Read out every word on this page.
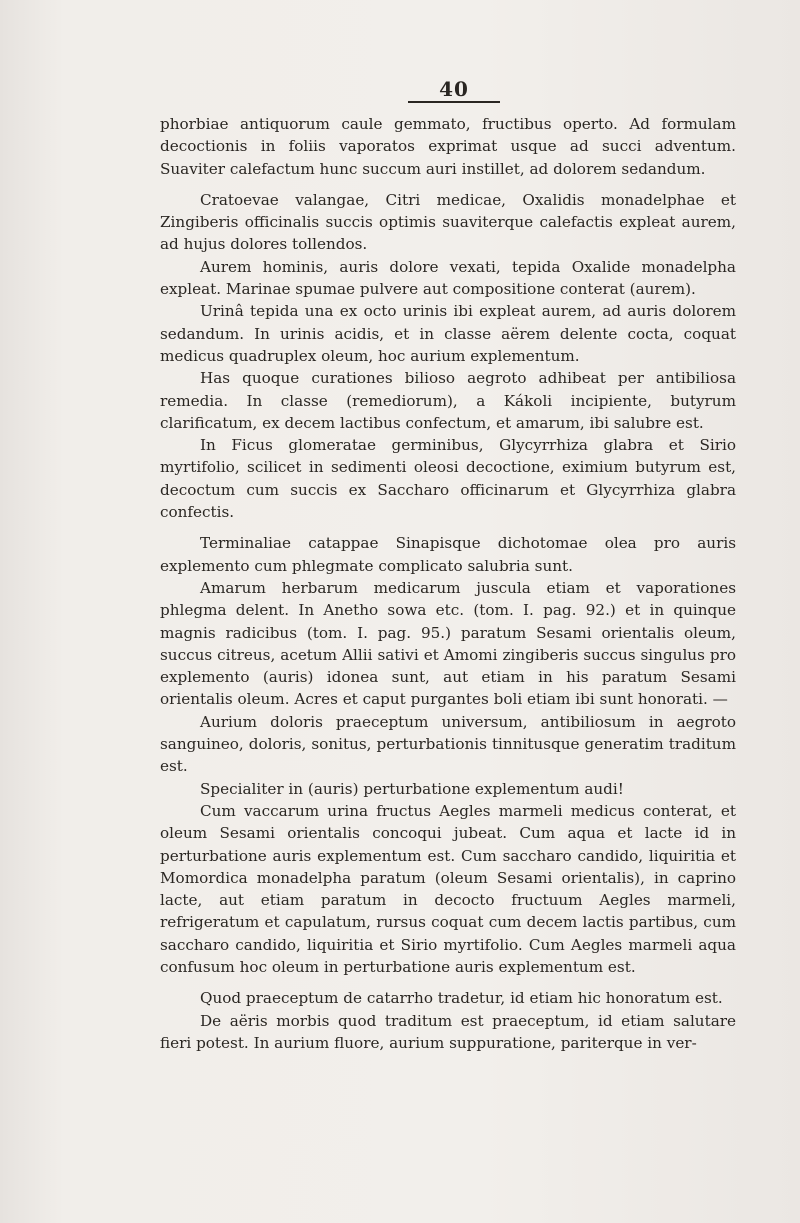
40

phorbiae antiquorum caule gemmato, fructibus operto. Ad formulam decoctionis in foliis vaporatos exprimat usque ad succi adventum. Suaviter calefactum hunc succum auri instillet, ad dolorem sedandum.

Cratoevae valangae, Citri medicae, Oxalidis monadelphae et Zingiberis officinalis succis optimis suaviterque calefactis expleat aurem, ad hujus dolores tollendos.

Aurem hominis, auris dolore vexati, tepida Oxalide monadelpha expleat. Marinae spumae pulvere aut compositione conterat (aurem).

Urinâ tepida una ex octo urinis ibi expleat aurem, ad auris dolorem sedandum. In urinis acidis, et in classe aërem delente cocta, coquat medicus quadruplex oleum, hoc aurium explementum.

Has quoque curationes bilioso aegroto adhibeat per antibiliosa remedia. In classe (remediorum), a Kákoli incipiente, butyrum clarificatum, ex decem lactibus confectum, et amarum, ibi salubre est.

In Ficus glomeratae germinibus, Glycyrrhiza glabra et Sirio myrtifolio, scilicet in sedimenti oleosi decoctione, eximium butyrum est, decoctum cum succis ex Saccharo officinarum et Glycyrrhiza glabra confectis.

Terminaliae catappae Sinapisque dichotomae olea pro auris explemento cum phlegmate complicato salubria sunt.

Amarum herbarum medicarum juscula etiam et vaporationes phlegma delent. In Anetho sowa etc. (tom. I. pag. 92.) et in quinque magnis radicibus (tom. I. pag. 95.) paratum Sesami orientalis oleum, succus citreus, acetum Allii sativi et Amomi zingiberis succus singulus pro explemento (auris) idonea sunt, aut etiam in his paratum Sesami orientalis oleum. Acres et caput purgantes boli etiam ibi sunt honorati. —

Aurium doloris praeceptum universum, antibiliosum in aegroto sanguineo, doloris, sonitus, perturbationis tinnitusque generatim traditum est.

Specialiter in (auris) perturbatione explementum audi!

Cum vaccarum urina fructus Aegles marmeli medicus conterat, et oleum Sesami orientalis concoqui jubeat. Cum aqua et lacte id in perturbatione auris explementum est. Cum saccharo candido, liquiritia et Momordica monadelpha paratum (oleum Sesami orientalis), in caprino lacte, aut etiam paratum in decocto fructuum Aegles marmeli, refrigeratum et capulatum, rursus coquat cum decem lactis partibus, cum saccharo candido, liquiritia et Sirio myrtifolio. Cum Aegles marmeli aqua confusum hoc oleum in perturbatione auris explementum est.

Quod praeceptum de catarrho tradetur, id etiam hic honoratum est.

De aëris morbis quod traditum est praeceptum, id etiam salutare fieri potest. In aurium fluore, aurium suppuratione, pariterque in ver-
